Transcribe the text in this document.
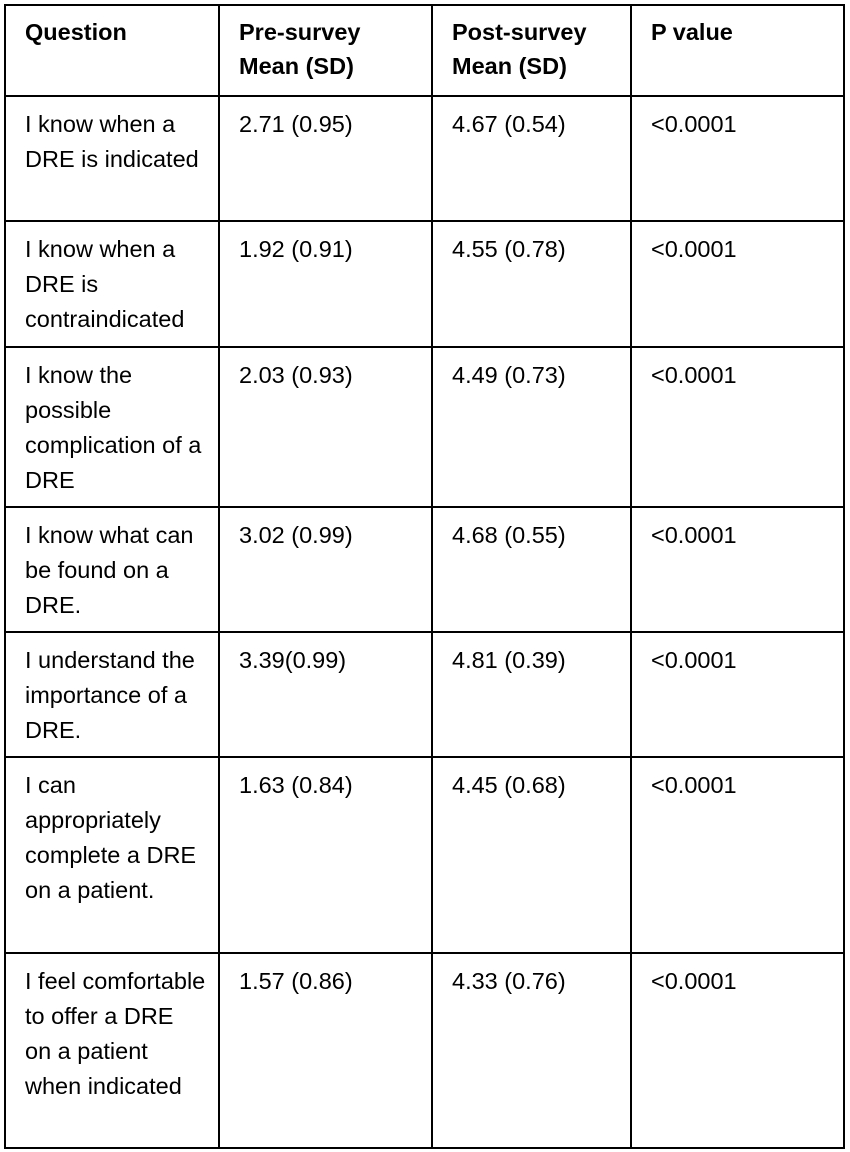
Question	Pre-survey Mean (SD)	Post-survey Mean (SD)	P value
I know when a DRE is indicated	2.71 (0.95)	4.67 (0.54)	<0.0001
I know when a DRE is contraindicated	1.92 (0.91)	4.55 (0.78)	<0.0001
I know the possible complication of a DRE	2.03 (0.93)	4.49 (0.73)	<0.0001
I know what can be found on a DRE.	3.02 (0.99)	4.68 (0.55)	<0.0001
I understand the importance of a DRE.	3.39(0.99)	4.81 (0.39)	<0.0001
I can appropriately complete a DRE on a patient.	1.63 (0.84)	4.45 (0.68)	<0.0001
I feel comfortable to offer a DRE on a patient when indicated	1.57 (0.86)	4.33 (0.76)	<0.0001
